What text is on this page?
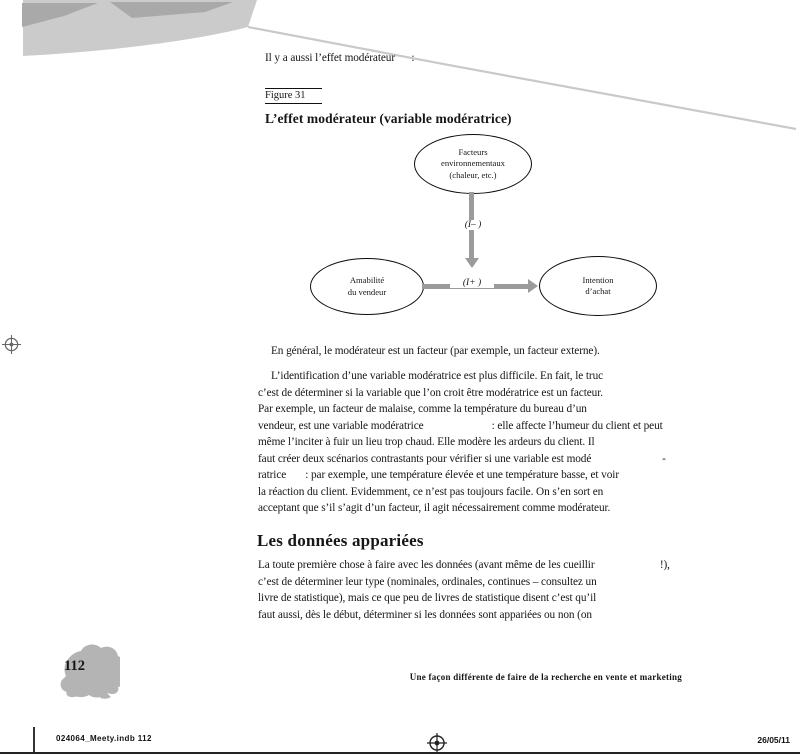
Il y a aussi l’effet modérateur      :
Figure 31
L’effet modérateur (variable modératrice)
Facteurs
environnementaux
(chaleur, etc.)
(I– )
Amabilité
du vendeur
(I+ )	Intention
d’achat
En général, le modérateur est un facteur (par exemple, un facteur externe).
L’identification d’une variable modératrice est plus difficile. En fait, le truc
c’est de déterminer si la variable que l’on croit être modératrice est un facteur.
Par exemple, un facteur de malaise, comme la température du bureau d’un
vendeur, est une variable modératrice                         : elle affecte l’humeur du client et peut
même l’inciter à fuir un lieu trop chaud. Elle modère les ardeurs du client. Il
faut créer deux scénarios contrastants pour vérifier si une variable est modé                          -
ratrice       : par exemple, une température élevée et une température basse, et voir
la réaction du client. Evidemment, ce n’est pas toujours facile. On s’en sort en
acceptant que s’il s’agit d’un facteur, il agit nécessairement comme modérateur.
Les données appariées
La toute première chose à faire avec les données (avant même de les cueillir                        !),
c’est de déterminer leur type (nominales, ordinales, continues – consultez un
livre de statistique), mais ce que peu de livres de statistique disent c’est qu’il
faut aussi, dès le début, déterminer si les données sont appariées ou non (on
112
Une façon différente de faire de la recherche en vente et marketing
024064_Meety.indb 112	26/05/11
